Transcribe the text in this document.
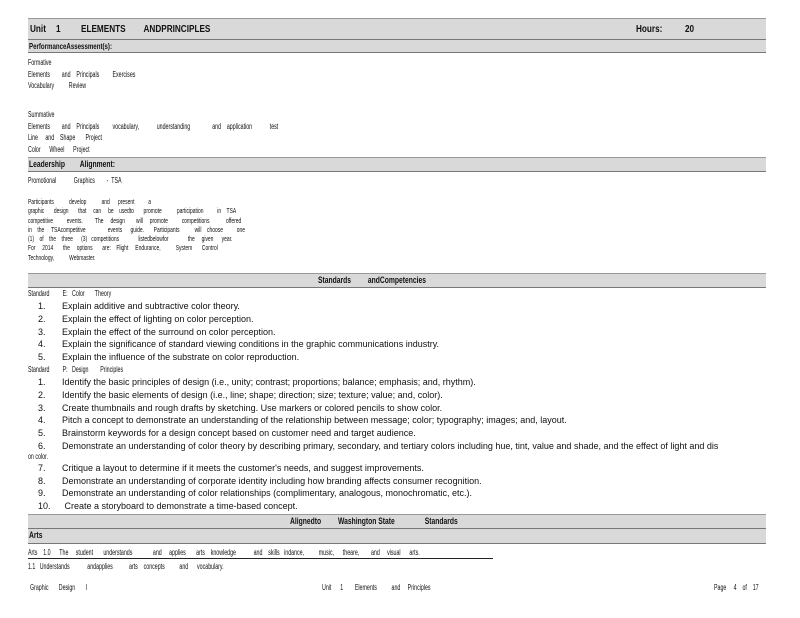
Unit 1 ELEMENTS        ANDPRINCIPLES	Hours: 20
PerformanceAssessment(s):
Formative
Elements        and    Principals         Exercises
Vocabulary          Review
Summative
Elements        and    Principals         vocabulary,            understanding               and    application            test
Line     and    Shape       Project
Color      Wheel      Project
Leadership        Alignment:
Promotional            Graphics        -  TSA
Participants           develop           and      present          a
graphic       design       that     can     be    usedto       promote           participation          in    TSA
competitive          events.         The     design        will     promote          competitions            offered
in    the     TSAcompetitive                events      guide.       Participants           will    choose          one
(1)    of    the    three      (3)   competitions              listedbelowfor              the     given      year.
For     2014       the     options       are:    Flight     Endurance,           System       Control
Technology,           Webmaster.
Standards         andCompetencies
Standard         E:   Color       Theory
1. Explain additive and subtractive color theory.
2. Explain the effect of lighting on color perception.
3. Explain the effect of the surround on color perception.
4. Explain the significance of standard viewing conditions in the graphic communications industry.
5. Explain the influence of the substrate on color reproduction.
Standard         P:   Design        Principles
1. Identify the basic principles of design (i.e., unity; contrast; proportions; balance; emphasis; and, rhythm).
2. Identify the basic elements of design (i.e., line; shape; direction; size; texture; value; and, color).
3. Create thumbnails and rough drafts by sketching. Use markers or colored pencils to show color.
4. Pitch a concept to demonstrate an understanding of the relationship between message; color; typography; images; and, layout.
5. Brainstorm keywords for a design concept based on customer need and target audience.
6. Demonstrate an understanding of color theory by describing primary, secondary, and tertiary colors including hue, tint, value and shade, and the effect of light and dis
on color.
7. Critique a layout to determine if it meets the customer's needs, and suggest improvements.
8. Demonstrate an understanding of corporate identity including how branding affects consumer recognition.
9. Demonstrate an understanding of color relationships (complimentary, analogous, monochromatic, etc.).
10. Create a storyboard to demonstrate a time-based concept.
Alignedto         Washington State                Standards
Arts
Arts    1.0      The     student       understands              and     applies       arts    knowledge            and    skills   indance,          music,      theare,        and     visual      arts.
1.1   Understands            andapplies           arts    concepts          and      vocabulary.
Graphic       Design       I	Unit      1        Elements          and     Principles	Page     4    of    17
